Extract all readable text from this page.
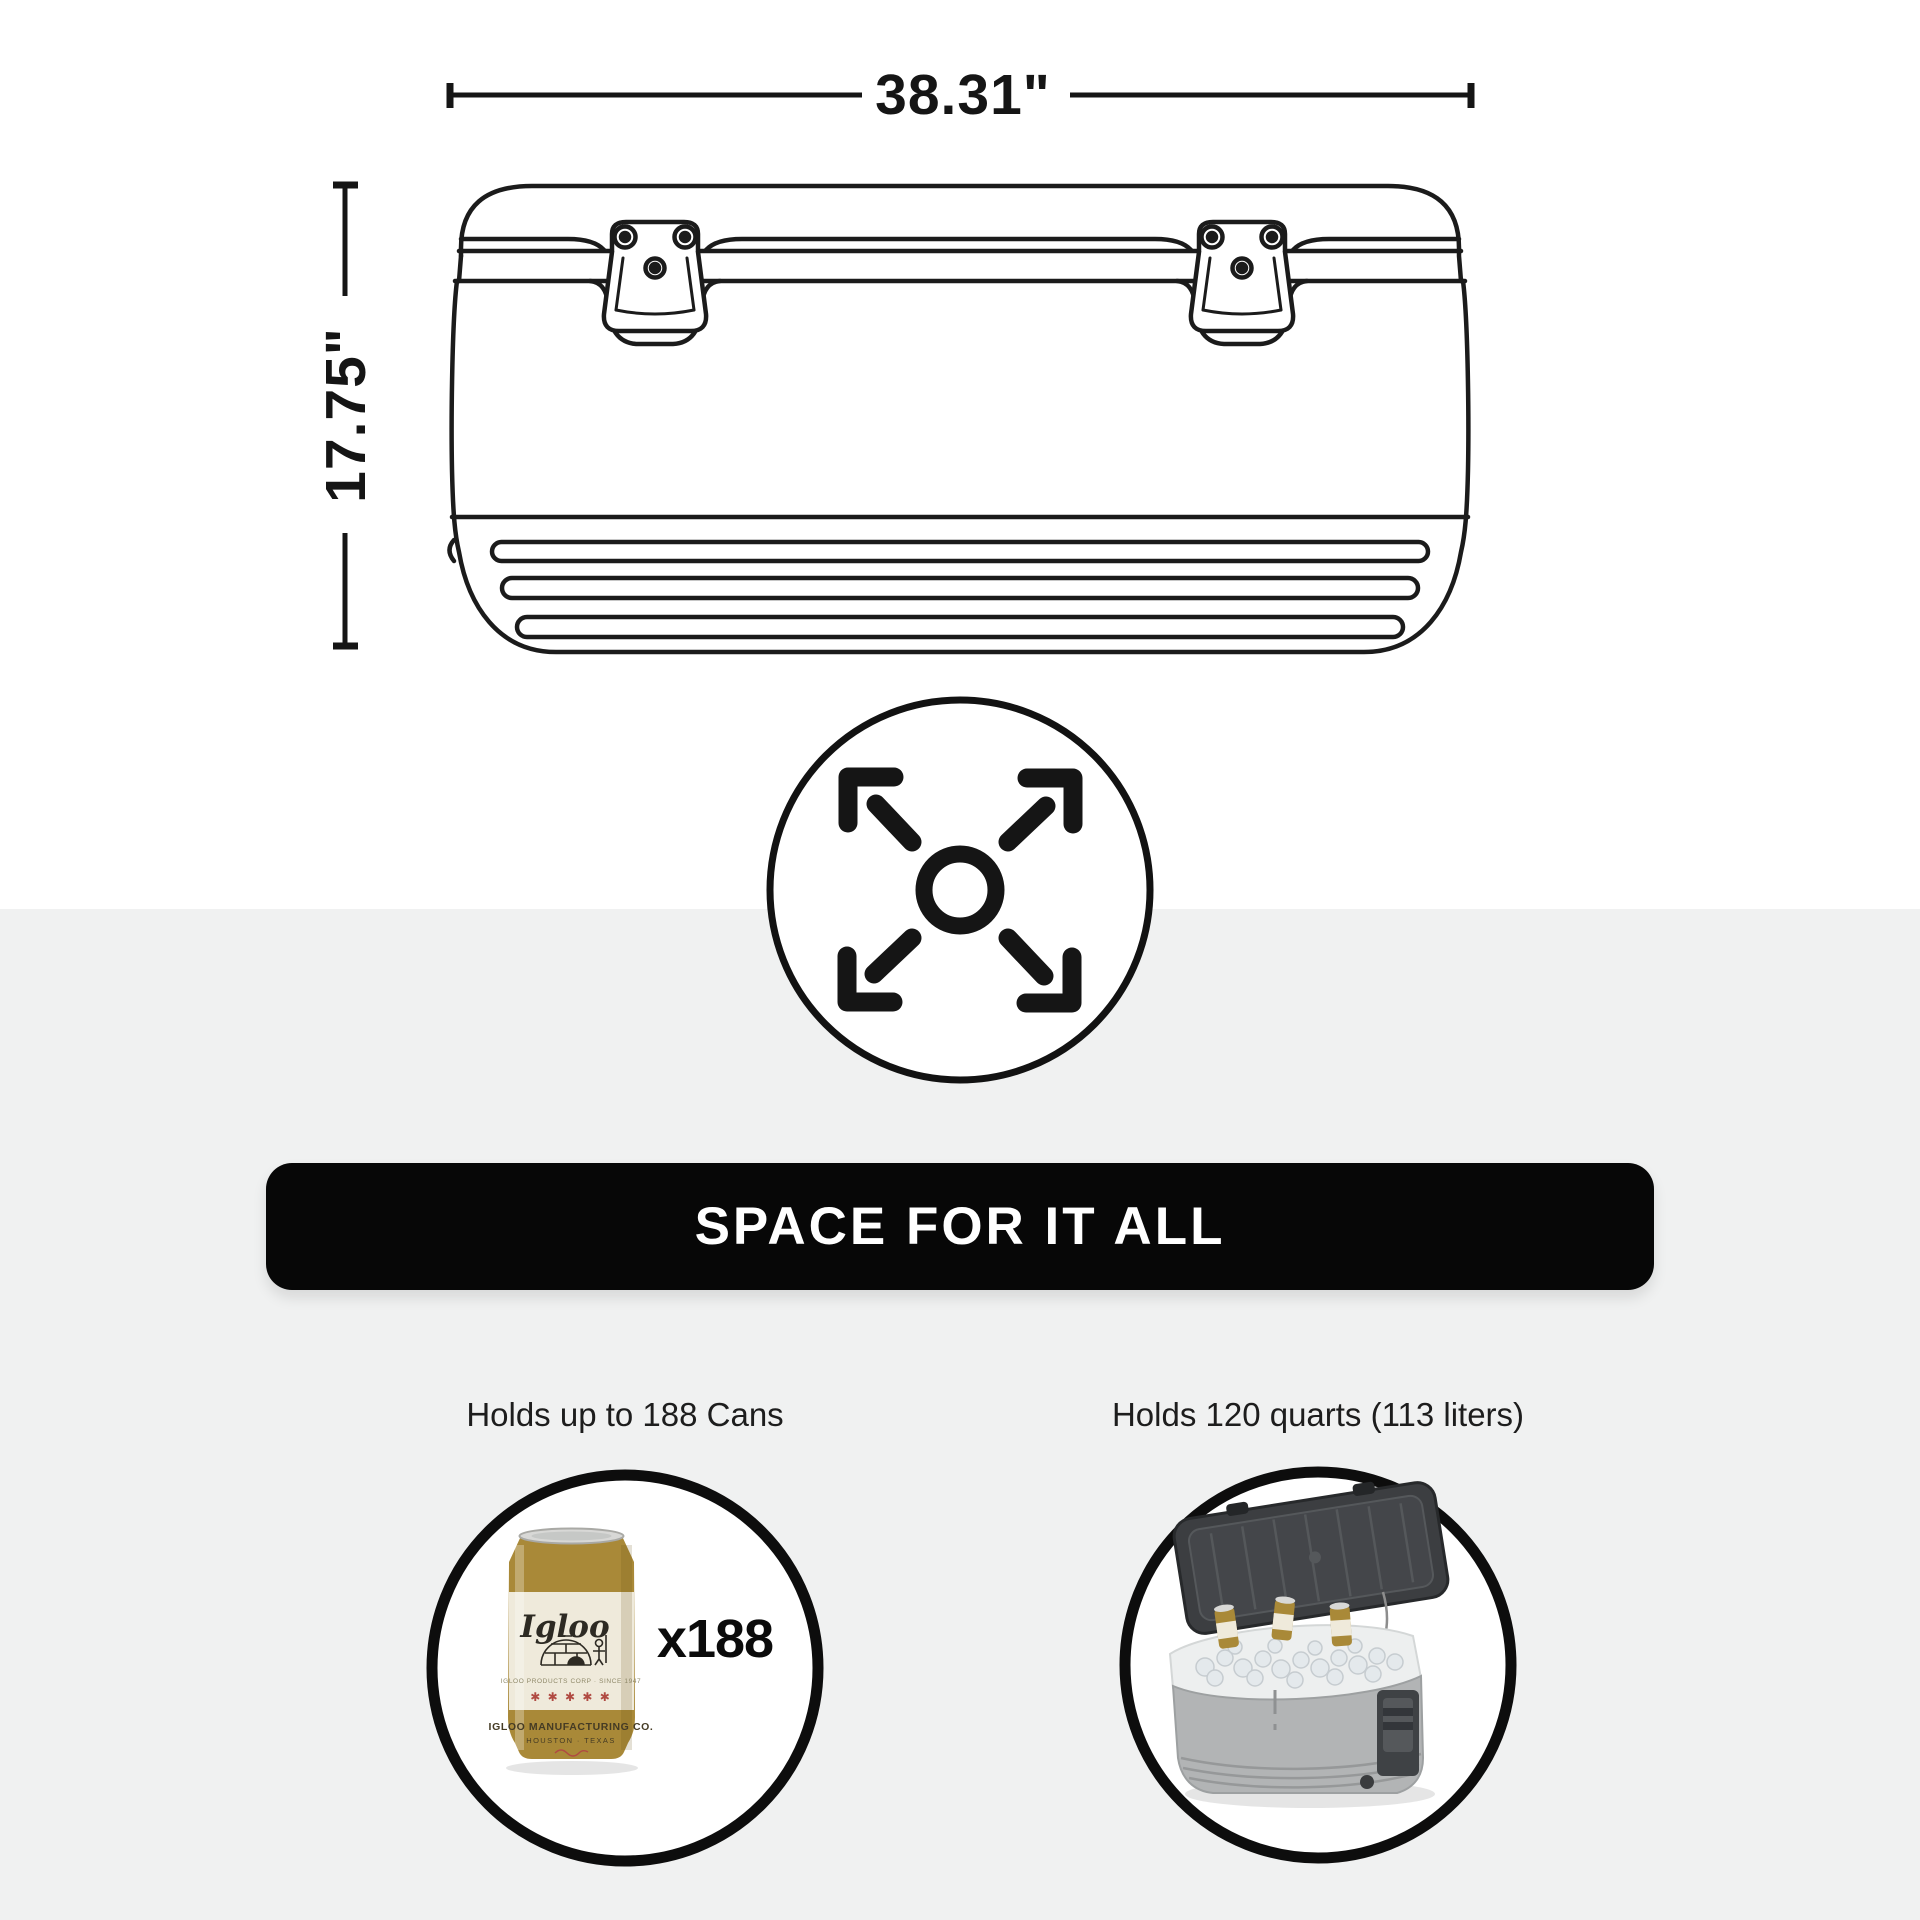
38.31"
17.75"
SPACE FOR IT ALL
Holds up to 188 Cans	Holds 120 quarts (113 liters)
Igloo
IGLOO PRODUCTS CORP · SINCE 1947
✱ ✱ ✱ ✱ ✱
IGLOO MANUFACTURING CO.
HOUSTON · TEXAS
x188
